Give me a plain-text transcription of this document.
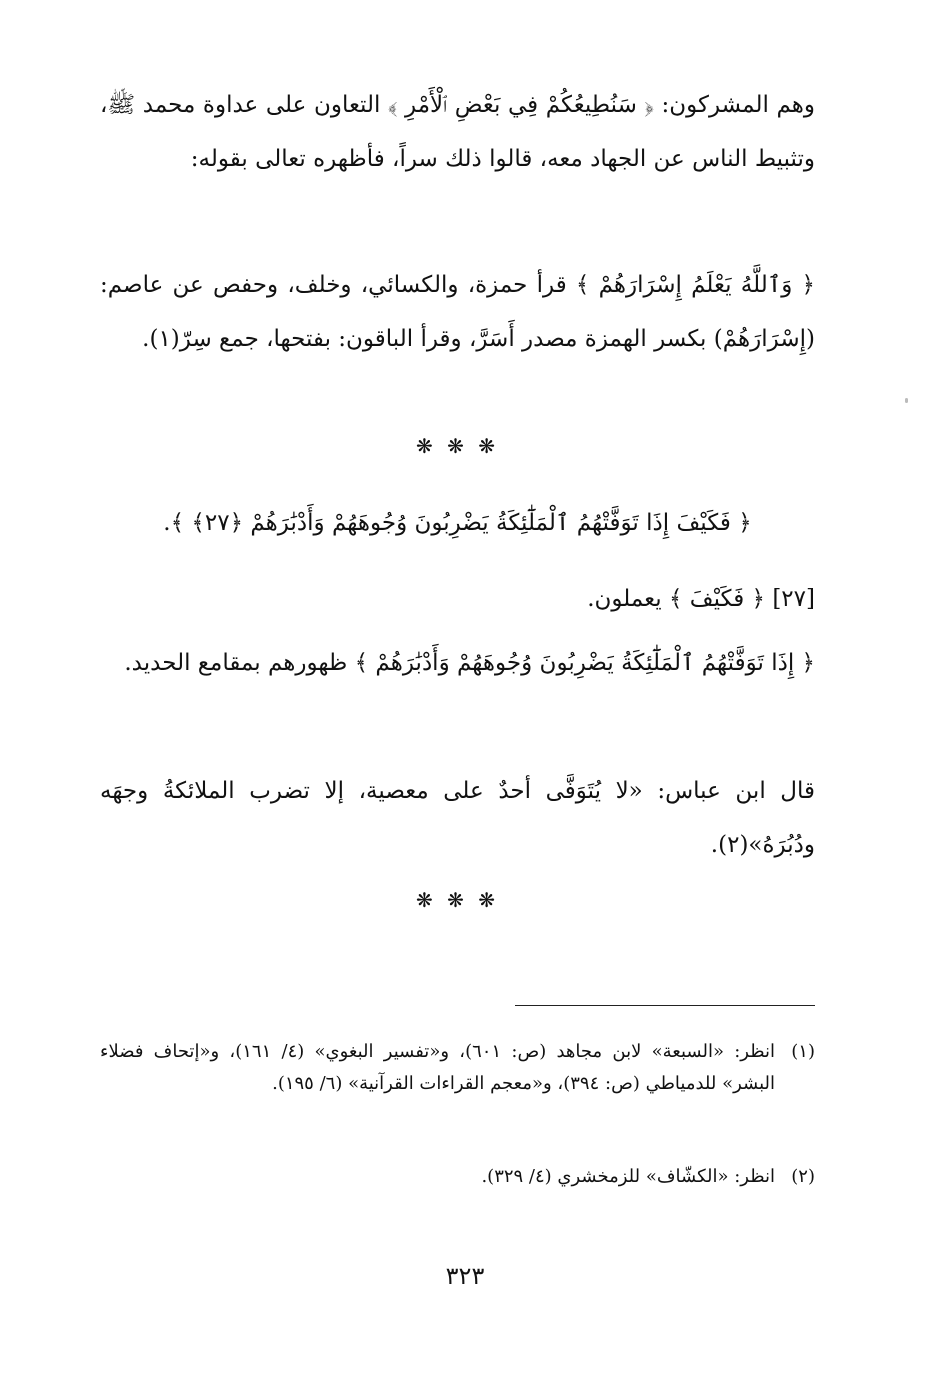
وهم المشركون: ﴿ سَنُطِيعُكُمْ فِي بَعْضِ ٱلْأَمْرِ ﴾ التعاون على عداوة محمد ﷺ، وتثبيط الناس عن الجهاد معه، قالوا ذلك سراً، فأظهره تعالى بقوله:

﴿ وَٱللَّهُ يَعْلَمُ إِسْرَارَهُمْ ﴾ قرأ حمزة، والكسائي، وخلف، وحفص عن عاصم: (إِسْرَارَهُمْ) بكسر الهمزة مصدر أَسَرَّ، وقرأ الباقون: بفتحها، جمع سِرّ(١).

❋ ❋ ❋

﴿ فَكَيْفَ إِذَا تَوَفَّتْهُمُ ٱلْمَلَٰٓئِكَةُ يَضْرِبُونَ وُجُوهَهُمْ وَأَدْبَٰرَهُمْ ﴿٢٧﴾ ﴾.

[٢٧] ﴿ فَكَيْفَ ﴾ يعملون.

﴿ إِذَا تَوَفَّتْهُمُ ٱلْمَلَٰٓئِكَةُ يَضْرِبُونَ وُجُوهَهُمْ وَأَدْبَٰرَهُمْ ﴾ ظهورهم بمقامع الحديد.

قال ابن عباس: «لا يُتَوَفَّى أحدٌ على معصية، إلا تضرب الملائكةُ وجهَه ودُبُرَهُ»(٢).

❋ ❋ ❋
(١)
انظر: «السبعة» لابن مجاهد (ص: ٦٠١)، و«تفسير البغوي» (٤/ ١٦١)، و«إتحاف فضلاء البشر» للدمياطي (ص: ٣٩٤)، و«معجم القراءات القرآنية» (٦/ ١٩٥).
(٢)
انظر: «الكشّاف» للزمخشري (٤/ ٣٢٩).
٣٢٣
